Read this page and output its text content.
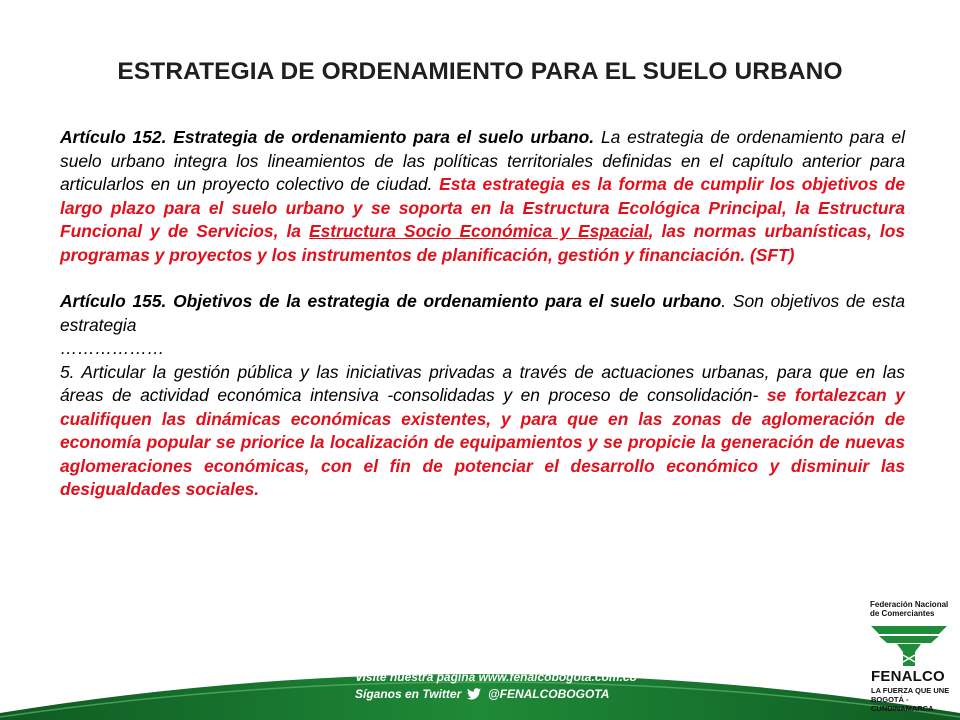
ESTRATEGIA DE ORDENAMIENTO PARA EL SUELO URBANO

Artículo 152. Estrategia de ordenamiento para el suelo urbano. La estrategia de ordenamiento para el suelo urbano integra los lineamientos de las políticas territoriales definidas en el capítulo anterior para articularlos en un proyecto colectivo de ciudad. Esta estrategia es la forma de cumplir los objetivos de largo plazo para el suelo urbano y se soporta en la Estructura Ecológica Principal, la Estructura Funcional y de Servicios, la Estructura Socio Económica y Espacial, las normas urbanísticas, los programas y proyectos y los instrumentos de planificación, gestión y financiación. (SFT)

Artículo 155. Objetivos de la estrategia de ordenamiento para el suelo urbano. Son objetivos de esta estrategia

………………

5. Articular la gestión pública y las iniciativas privadas a través de actuaciones urbanas, para que en las áreas de actividad económica intensiva -consolidadas y en proceso de consolidación- se fortalezcan y cualifiquen las dinámicas económicas existentes, y para que en las zonas de aglomeración de economía popular se priorice la localización de equipamientos y se propicie la generación de nuevas aglomeraciones económicas, con el fin de potenciar el desarrollo económico y disminuir las desigualdades sociales.

Visite nuestra página www.fenalcobogota.com.co
Síganos en Twitter @FENALCOBOGOTA
Federación Nacional de Comerciantes
FENALCO
LA FUERZA QUE UNE BOGOTÁ - CUNDINAMARCA
